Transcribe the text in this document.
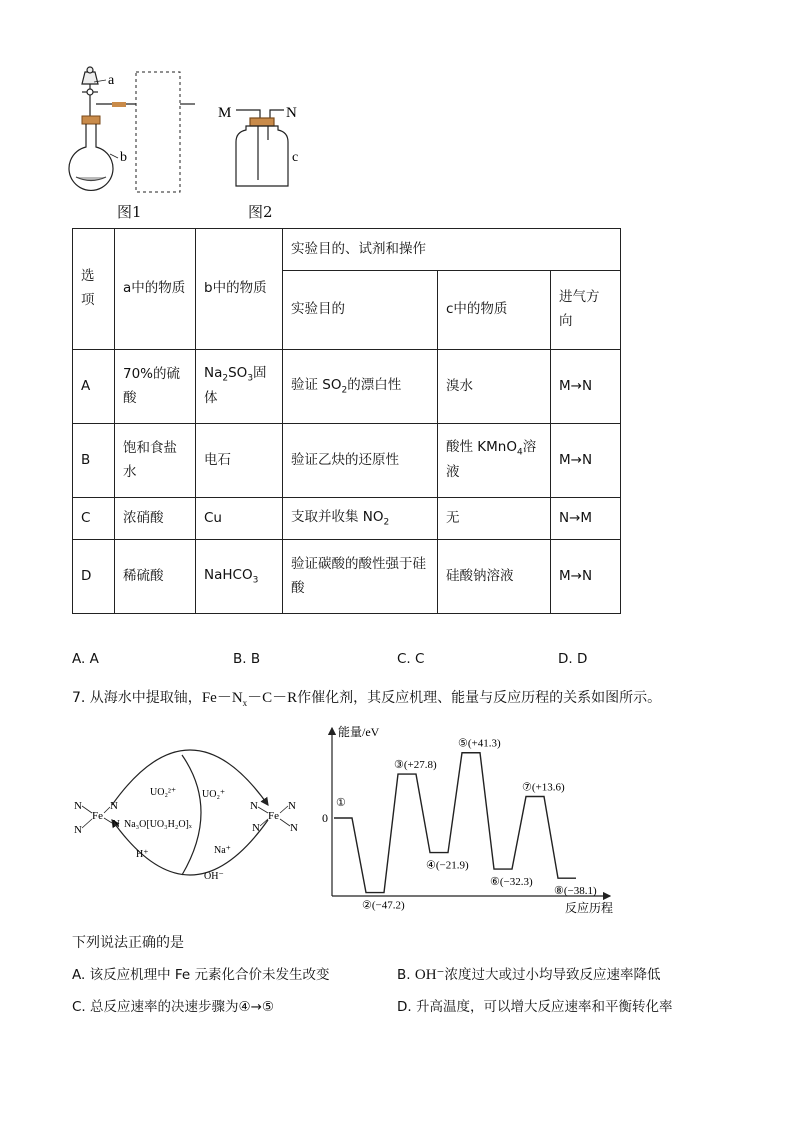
a
b
M	N
c
图1	图2
选
项	a中的物质	b中的物质	实验目的、试剂和操作		
			实验目的	c中的物质	进气方向
A	70%的硫酸	$Na_2SO_3$固体	验证 $SO_2$的漂白性	溴水	M→N
B	饱和食盐水	电石	验证乙炔的还原性	酸性 KMnO$_4$溶液	M→N
C	浓硝酸	Cu	支取并收集 $NO_2$	无	N→M
D	稀硫酸	NaHCO$_3$	验证碳酸的酸性强于硅酸	硅酸钠溶液	M→N
A. A	B. B	C. C	D. D
7. 从海水中提取铀，$Fe-N_x-C-R$作催化剂，其反应机理、能量与反应历程的关系如图所示。
Fe
N
N
N
N Na₃O[UO₃H₂O]ₓ
UO₂²⁺	UO₂⁺
H⁺	Na⁺
OH⁻
Fe
N
N
N
N
能量/eV
反应历程
0
①
②(−47.2)
③(+27.8)
④(−21.9)
⑤(+41.3)
⑥(−32.3)
⑦(+13.6)
⑧(−38.1)
下列说法正确的是
A. 该反应机理中 Fe 元素化合价未发生改变	B. OH⁻浓度过大或过小均导致反应速率降低
C. 总反应速率的决速步骤为④→⑤	D. 升高温度，可以增大反应速率和平衡转化率
